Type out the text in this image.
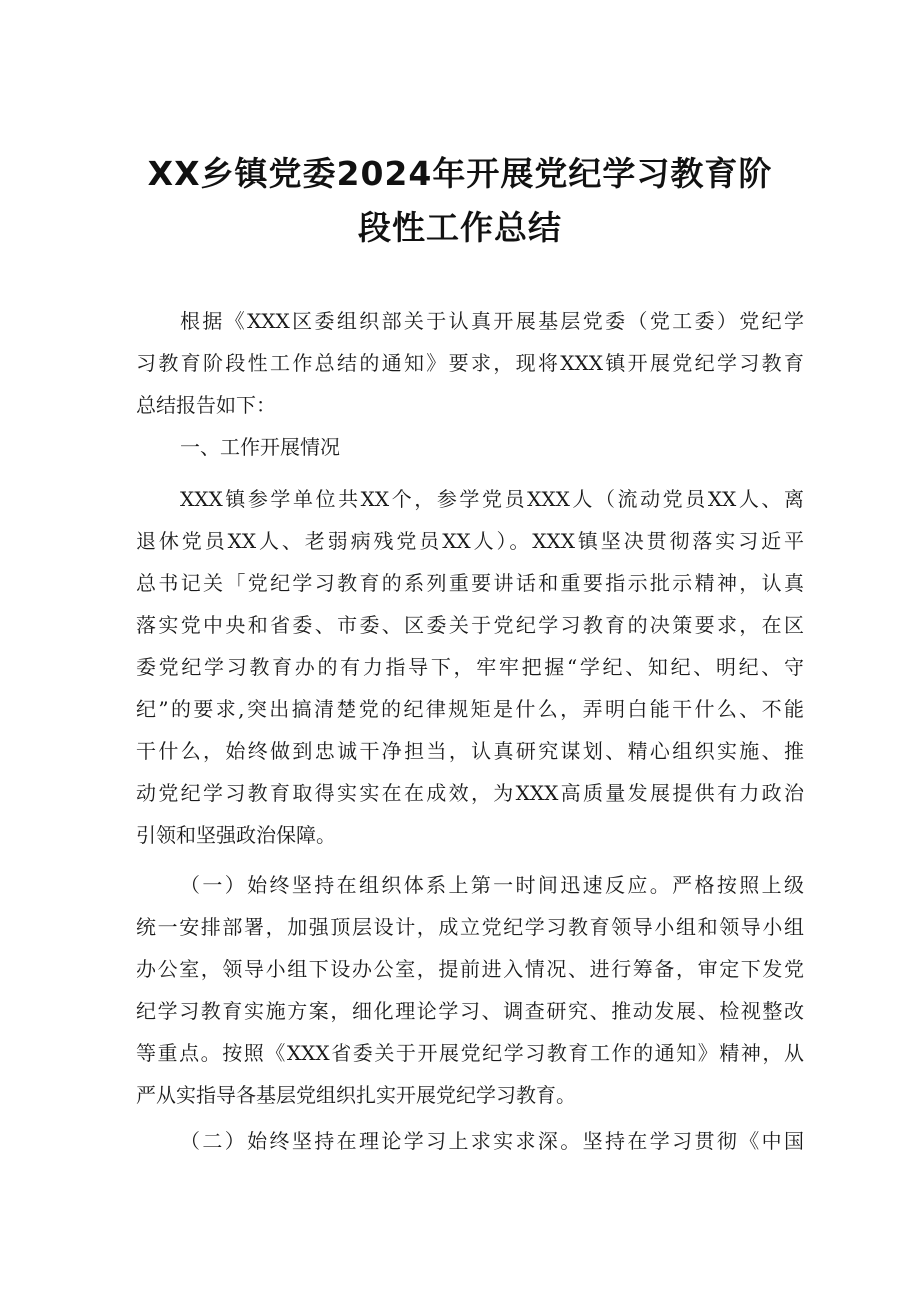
XX乡镇党委2024年开展党纪学习教育阶
段性工作总结

根据《XXX区委组织部关于认真开展基层党委（党工委）党纪学

习教育阶段性工作总结的通知》要求，现将XXX镇开展党纪学习教育

总结报告如下：

一、工作开展情况

XXX镇参学单位共XX个，参学党员XXX人（流动党员XX人、离

退休党员XX人、老弱病残党员XX人）。XXX镇坚决贯彻落实习近平

总书记关「党纪学习教育的系列重要讲话和重要指示批示精神，认真

落实党中央和省委、市委、区委关于党纪学习教育的决策要求，在区

委党纪学习教育办的有力指导下，牢牢把握“学纪、知纪、明纪、守

纪”的要求,突出搞清楚党的纪律规矩是什么，弄明白能干什么、不能

干什么，始终做到忠诚干净担当，认真研究谋划、精心组织实施、推

动党纪学习教育取得实实在在成效，为XXX高质量发展提供有力政治

引领和坚强政治保障。

（一）始终坚持在组织体系上第一时间迅速反应。严格按照上级

统一安排部署，加强顶层设计，成立党纪学习教育领导小组和领导小组

办公室，领导小组下设办公室，提前进入情况、进行筹备，审定下发党

纪学习教育实施方案，细化理论学习、调查研究、推动发展、检视整改

等重点。按照《XXX省委关于开展党纪学习教育工作的通知》精神，从

严从实指导各基层党组织扎实开展党纪学习教育。

（二）始终坚持在理论学习上求实求深。坚持在学习贯彻《中国
